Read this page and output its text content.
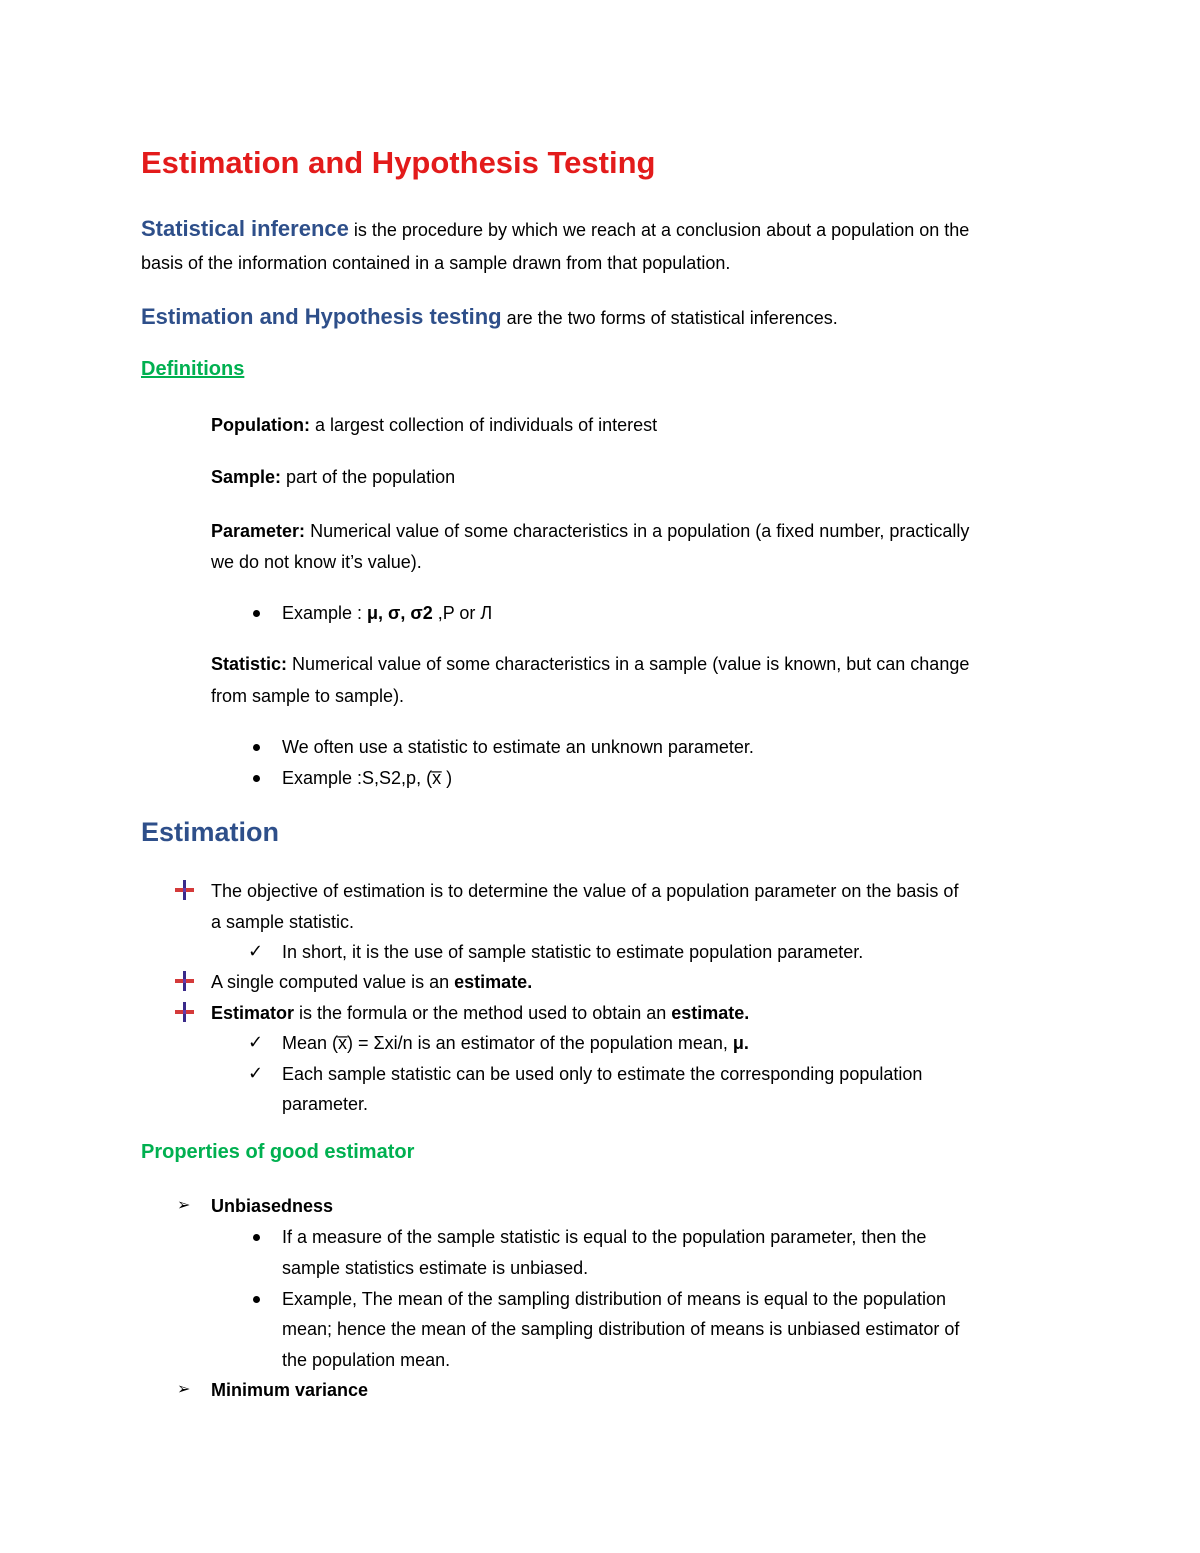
Estimation and Hypothesis Testing
Statistical inference is the procedure by which we reach at a conclusion about a population on the
basis of the information contained in a sample drawn from that population.
Estimation and Hypothesis testing are the two forms of statistical inferences.
Definitions
Population: a largest collection of individuals of interest
Sample: part of the population
Parameter: Numerical value of some characteristics in a population (a fixed number, practically
we do not know it’s value).
Example : μ, σ, σ2 ,P or Л
Statistic: Numerical value of some characteristics in a sample (value is known, but can change
from sample to sample).
We often use a statistic to estimate an unknown parameter.
Example :S,S2,p, (x̅ )
Estimation
The objective of estimation is to determine the value of a population parameter on the basis of
a sample statistic.
✓ In short, it is the use of sample statistic to estimate population parameter.
A single computed value is an estimate.
Estimator is the formula or the method used to obtain an estimate.
✓ Mean (x̅) = Σxi/n is an estimator of the population mean, μ.
✓ Each sample statistic can be used only to estimate the corresponding population
parameter.
Properties of good estimator
➢ Unbiasedness
If a measure of the sample statistic is equal to the population parameter, then the
sample statistics estimate is unbiased.
Example, The mean of the sampling distribution of means is equal to the population
mean; hence the mean of the sampling distribution of means is unbiased estimator of
the population mean.
➢ Minimum variance
